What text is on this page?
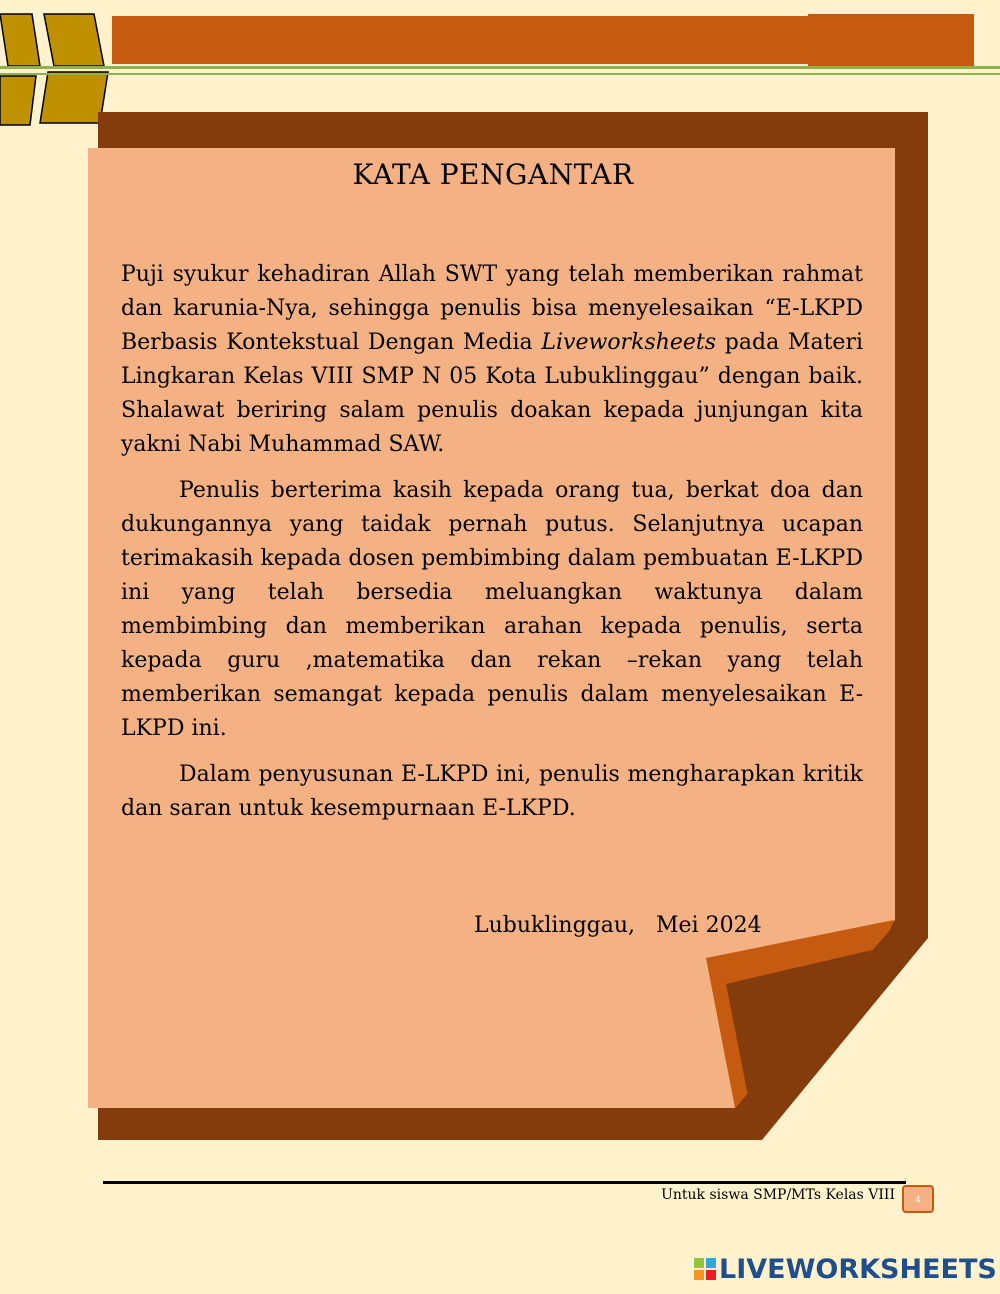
KATA PENGANTAR

Puji syukur kehadiran Allah SWT yang telah memberikan rahmat dan karunia-Nya, sehingga penulis bisa menyelesaikan “E-LKPD Berbasis Kontekstual Dengan Media Liveworksheets pada Materi Lingkaran Kelas VIII SMP N 05 Kota Lubuklinggau” dengan baik. Shalawat beriring salam penulis doakan kepada junjungan kita yakni Nabi Muhammad SAW.

Penulis berterima kasih kepada orang tua, berkat doa dan dukungannya yang taidak pernah putus. Selanjutnya ucapan terimakasih kepada dosen pembimbing dalam pembuatan E-LKPD ini yang telah bersedia meluangkan waktunya dalam membimbing dan memberikan arahan kepada penulis, serta kepada guru ,matematika dan rekan –rekan yang telah memberikan semangat kepada penulis dalam menyelesaikan E-LKPD ini.

Dalam penyusunan E-LKPD ini, penulis mengharapkan kritik dan saran untuk kesempurnaan E-LKPD.

Lubuklinggau,   Mei 2024
Untuk siswa SMP/MTs Kelas VIII	4
LIVEWORKSHEETS
